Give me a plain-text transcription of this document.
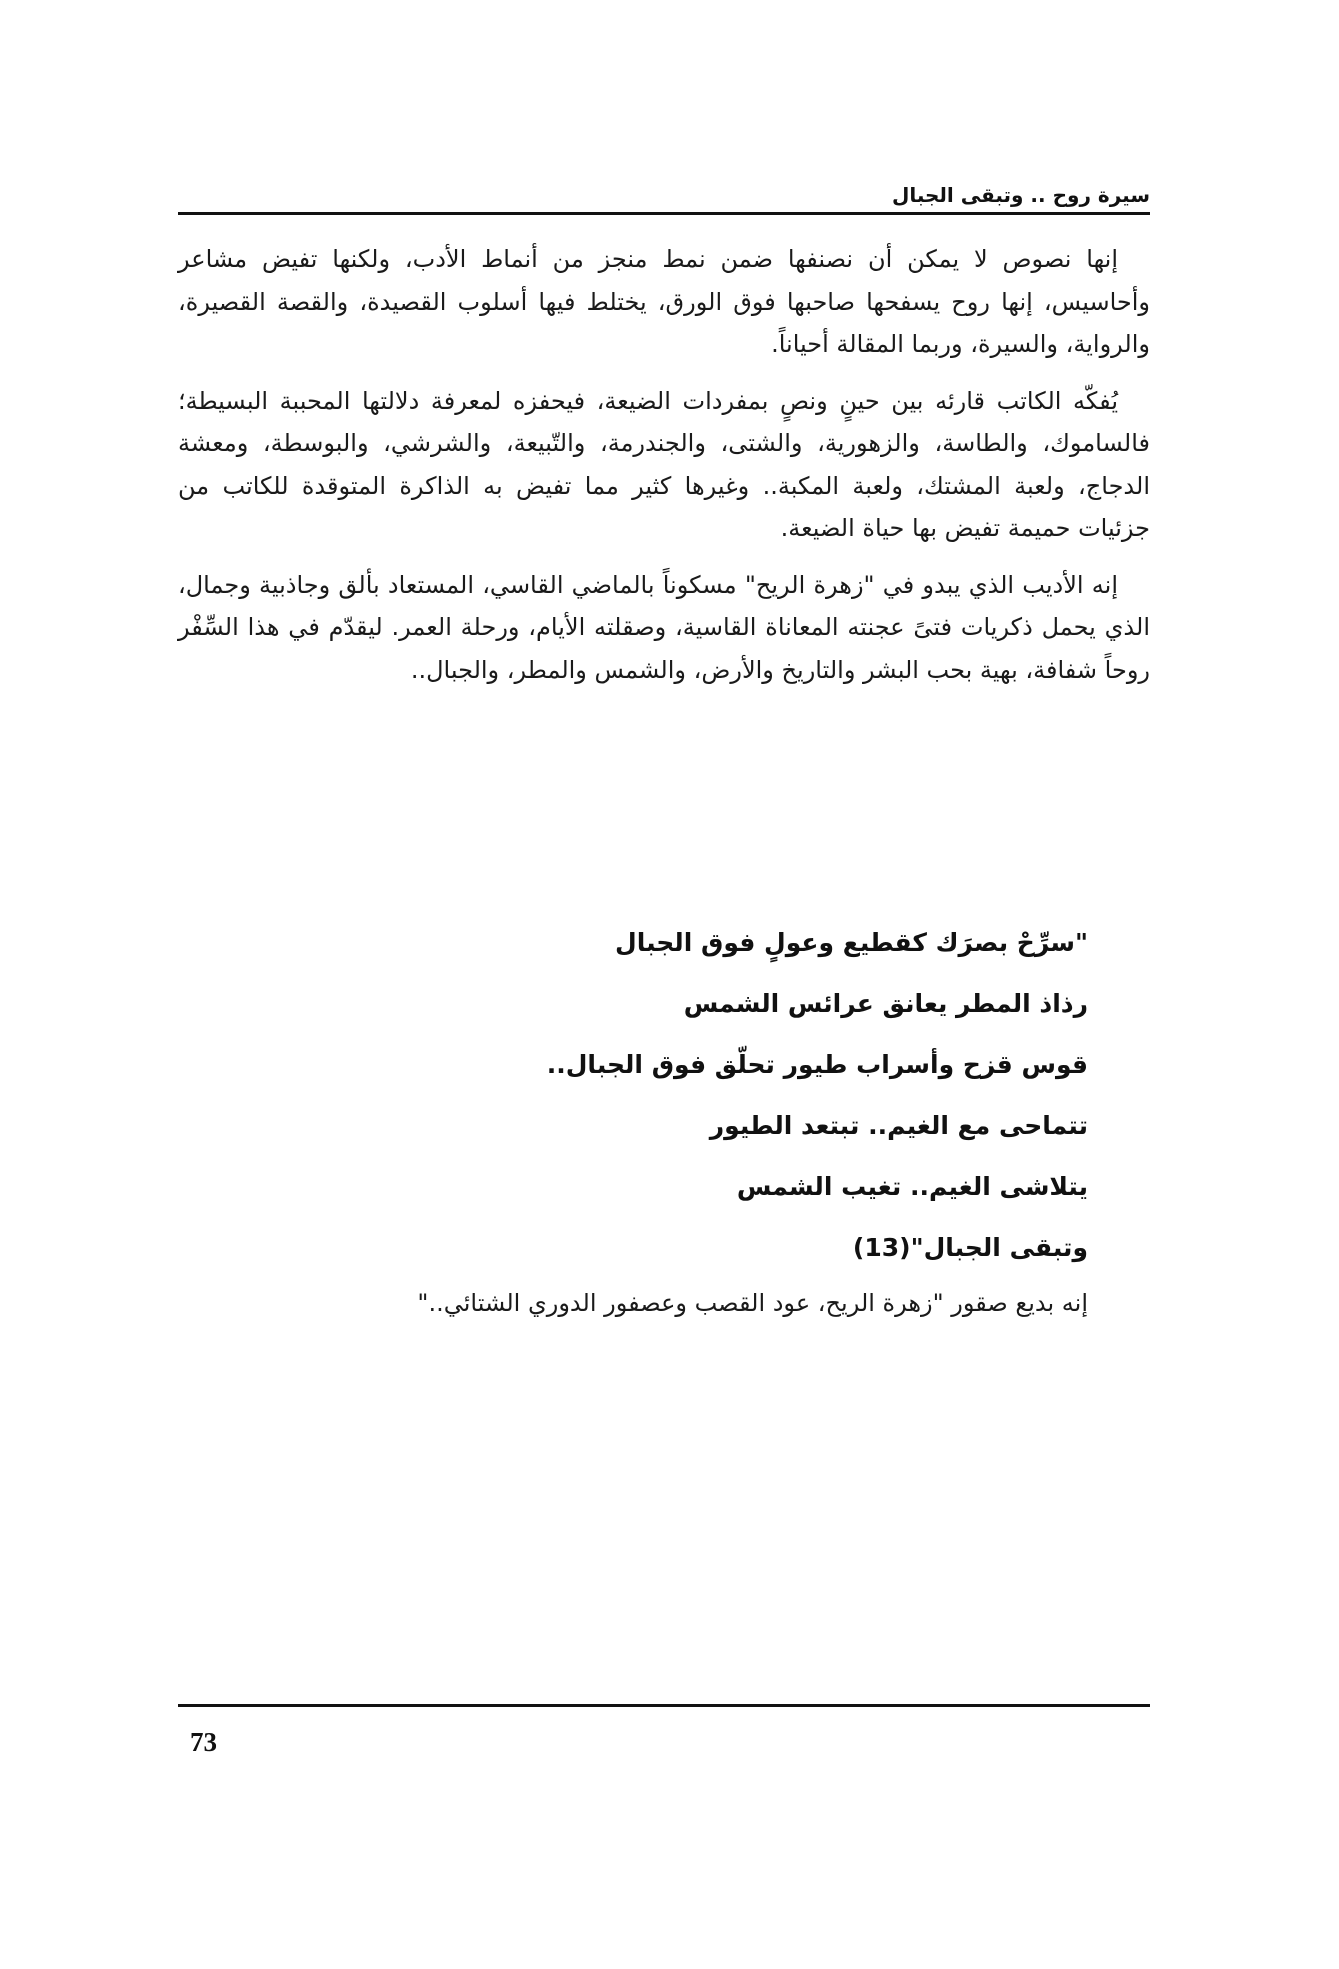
سيرة روح .. وتبقى الجبال

إنها نصوص لا يمكن أن نصنفها ضمن نمط منجز من أنماط الأدب، ولكنها تفيض مشاعر وأحاسيس، إنها روح يسفحها صاحبها فوق الورق، يختلط فيها أسلوب القصيدة، والقصة القصيرة، والرواية، والسيرة، وربما المقالة أحياناً.

يُفكّه الكاتب قارئه بين حينٍ ونصٍ بمفردات الضيعة، فيحفزه لمعرفة دلالتها المحببة البسيطة؛ فالساموك، والطاسة، والزهورية، والشتى، والجندرمة، والتّبيعة، والشرشي، والبوسطة، ومعشة الدجاج، ولعبة المشتك، ولعبة المكبة.. وغيرها كثير مما تفيض به الذاكرة المتوقدة للكاتب من جزئيات حميمة تفيض بها حياة الضيعة.

إنه الأديب الذي يبدو في "زهرة الريح" مسكوناً بالماضي القاسي، المستعاد بألق وجاذبية وجمال، الذي يحمل ذكريات فتىً عجنته المعاناة القاسية، وصقلته الأيام، ورحلة العمر. ليقدّم في هذا السِّفْر روحاً شفافة، بهية بحب البشر والتاريخ والأرض، والشمس والمطر، والجبال..

"سرِّحْ بصرَك كقطيع وعولٍ فوق الجبال
رذاذ المطر يعانق عرائس الشمس
قوس قزح وأسراب طيور تحلّق فوق الجبال..
تتماحى مع الغيم.. تبتعد الطيور
يتلاشى الغيم.. تغيب الشمس
وتبقى الجبال"(13)
إنه بديع صقور "زهرة الريح، عود القصب وعصفور الدوري الشتائي.."
73
